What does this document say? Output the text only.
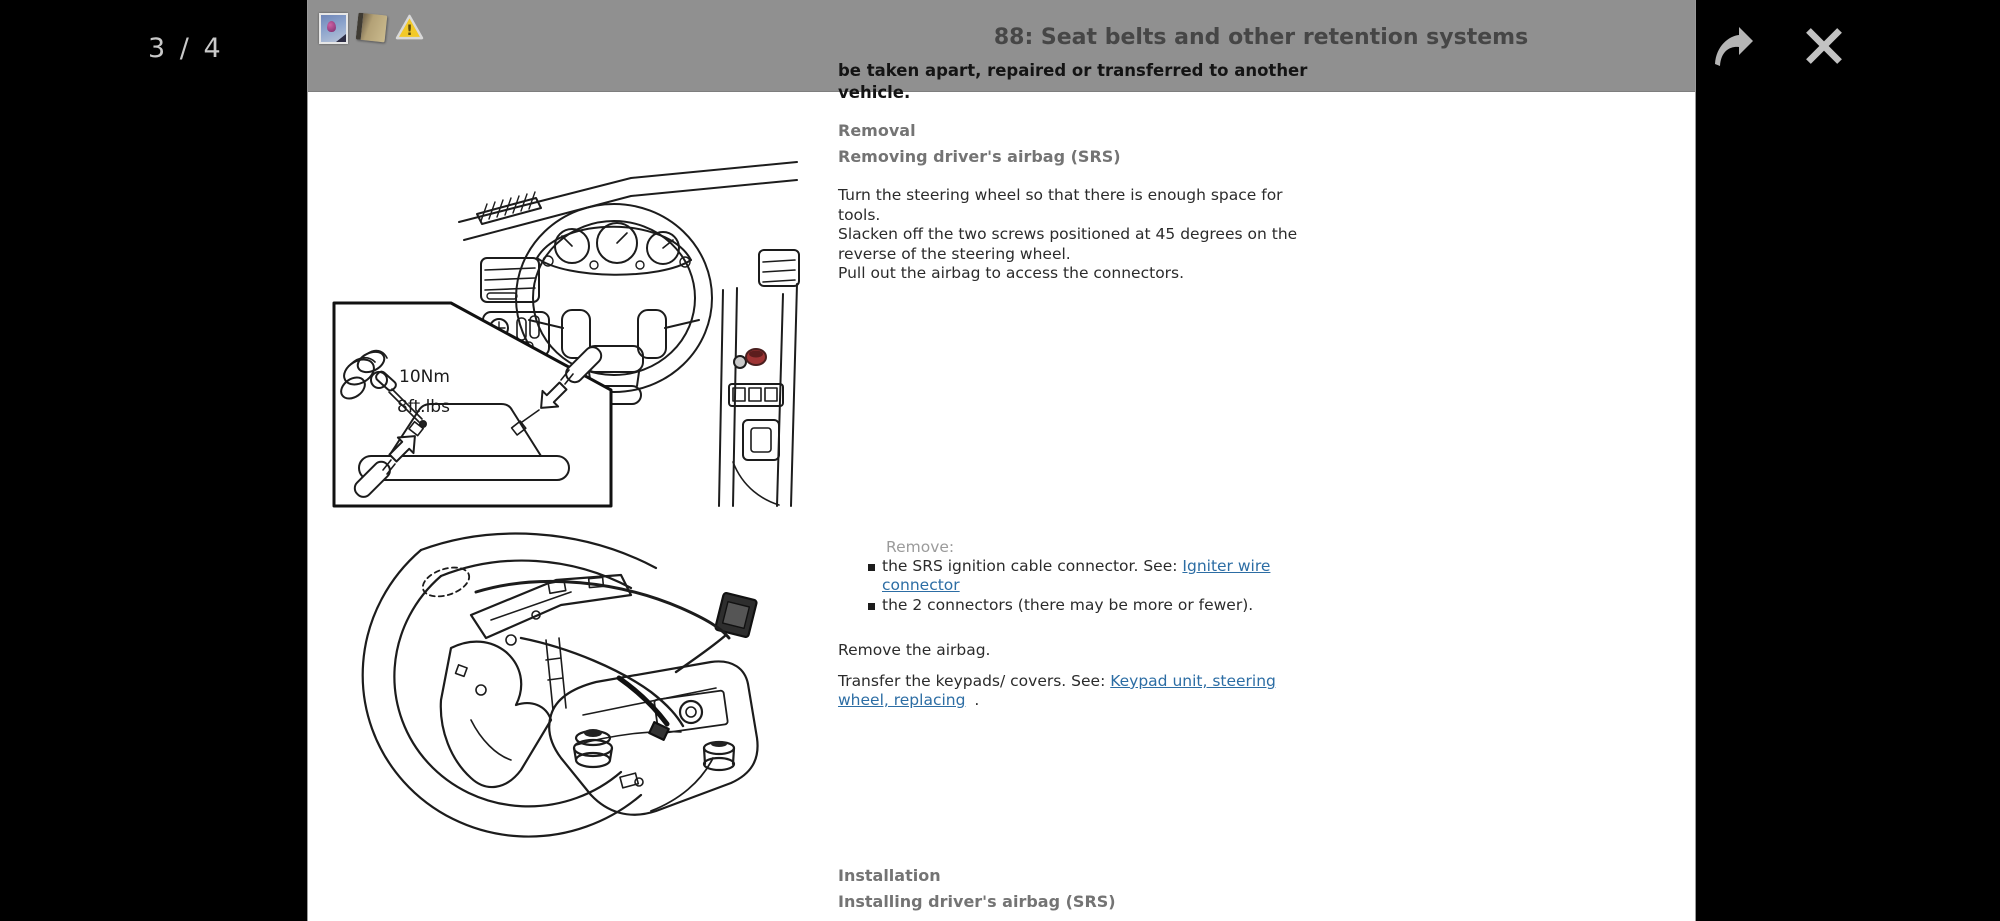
3 / 4
!	88: Seat belts and other retention systems
be taken apart, repaired or transferred to another
vehicle.
Removal
Removing driver's airbag (SRS)
Turn the steering wheel so that there is enough space for
tools.
Slacken off the two screws positioned at 45 degrees on the
reverse of the steering wheel.
Pull out the airbag to access the connectors.
10Nm
8ft.lbs
Remove:
the SRS ignition cable connector. See: Igniter wire
connector
the 2 connectors (there may be more or fewer).
Remove the airbag.
Transfer the keypads/ covers. See: Keypad unit, steering
wheel, replacing .
Installation
Installing driver's airbag (SRS)
